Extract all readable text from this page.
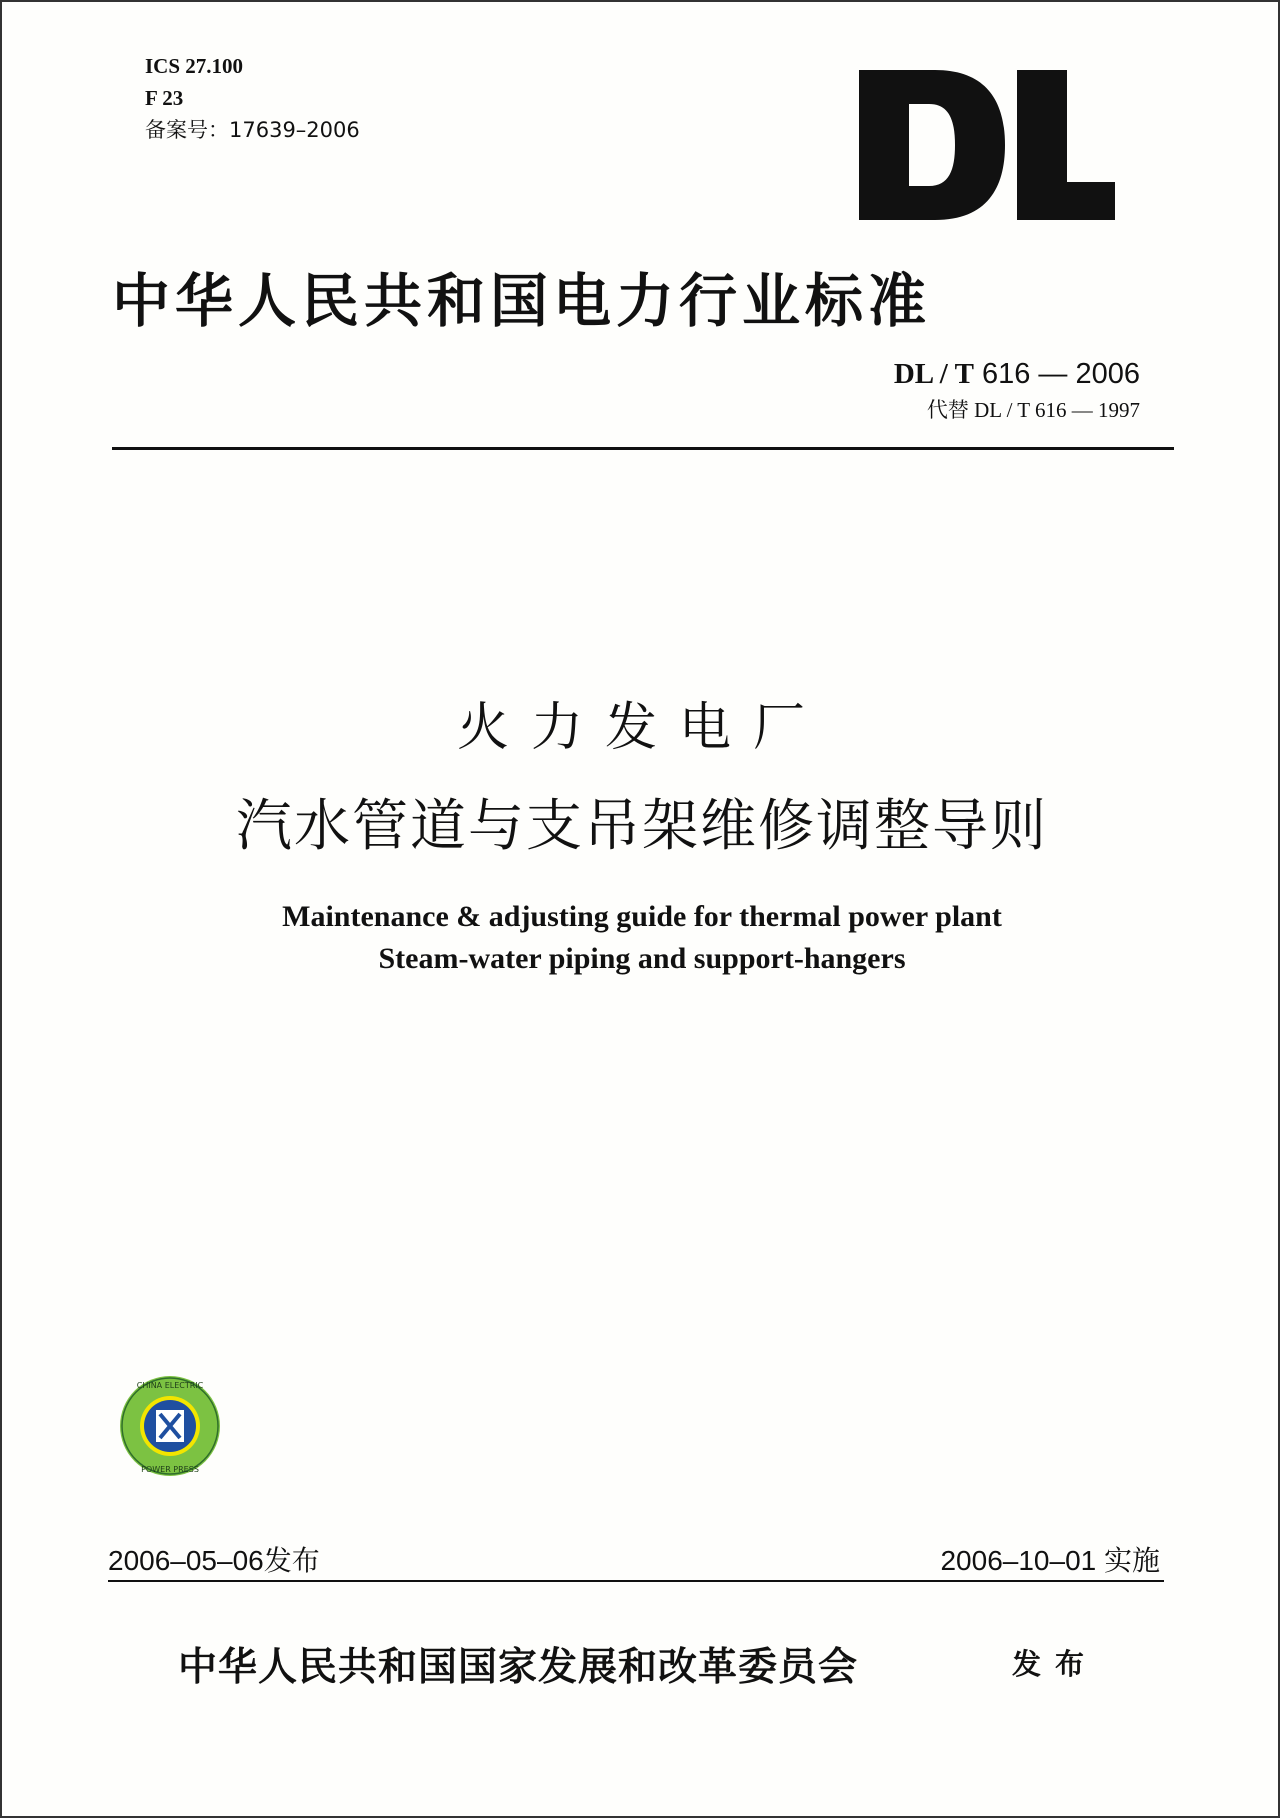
ICS 27.100
F 23
备案号：17639–2006
中华人民共和国电力行业标准
DL / T 616 — 2006
代替 DL / T 616 — 1997
火力发电厂
汽水管道与支吊架维修调整导则
Maintenance & adjusting guide for thermal power plant
Steam-water piping and support-hangers
CHINA ELECTRIC
POWER PRESS
2006–05–06发布	2006–10–01 实施
中华人民共和国国家发展和改革委员会	发布
